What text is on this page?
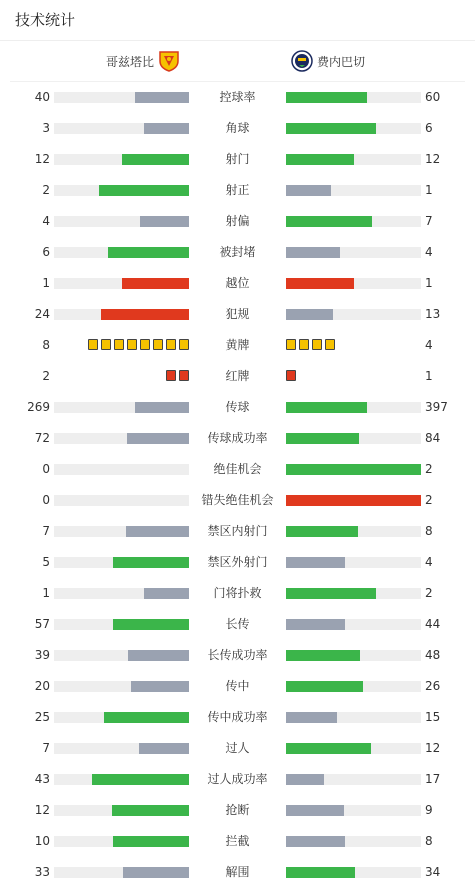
技术统计
哥兹塔比	费内巴切
40	控球率	60
3	角球	6
12	射门	12
2	射正	1
4	射偏	7
6	被封堵	4
1	越位	1
24	犯规	13
8	黄牌	4
2	红牌	1
269	传球	397
72	传球成功率	84
0	绝佳机会	2
0	错失绝佳机会	2
7	禁区内射门	8
5	禁区外射门	4
1	门将扑救	2
57	长传	44
39	长传成功率	48
20	传中	26
25	传中成功率	15
7	过人	12
43	过人成功率	17
12	抢断	9
10	拦截	8
33	解围	34
